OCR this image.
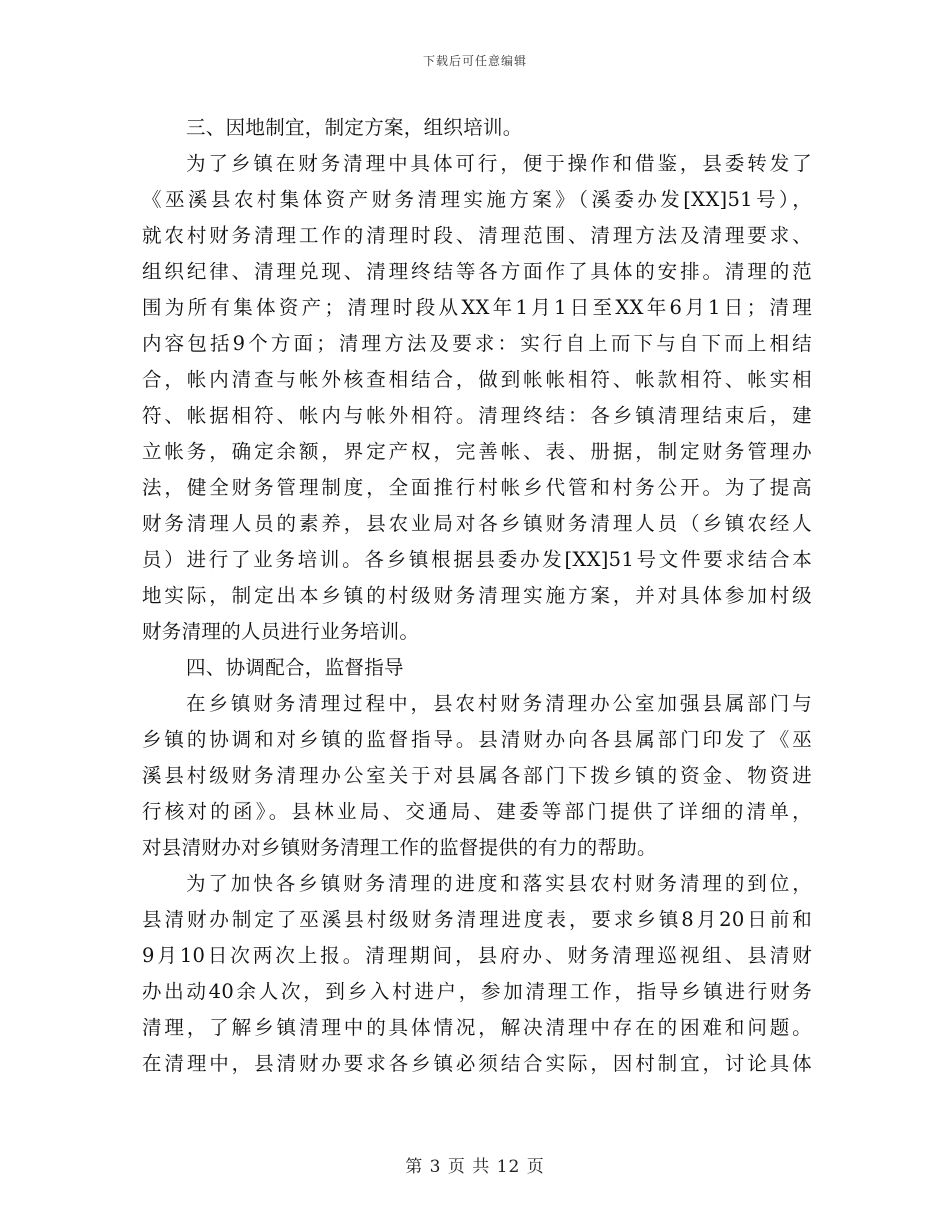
下载后可任意编辑
三、因地制宜，制定方案，组织培训。
为了乡镇在财务清理中具体可行，便于操作和借鉴，县委转发了
《巫溪县农村集体资产财务清理实施方案》（溪委办发[XX]51号），
就农村财务清理工作的清理时段、清理范围、清理方法及清理要求、
组织纪律、清理兑现、清理终结等各方面作了具体的安排。清理的范
围为所有集体资产；清理时段从XX年1月1日至XX年6月1日；清理
内容包括9个方面；清理方法及要求：实行自上而下与自下而上相结
合，帐内清查与帐外核查相结合，做到帐帐相符、帐款相符、帐实相
符、帐据相符、帐内与帐外相符。清理终结：各乡镇清理结束后，建
立帐务，确定余额，界定产权，完善帐、表、册据，制定财务管理办
法，健全财务管理制度，全面推行村帐乡代管和村务公开。为了提高
财务清理人员的素养，县农业局对各乡镇财务清理人员（乡镇农经人
员）进行了业务培训。各乡镇根据县委办发[XX]51号文件要求结合本
地实际，制定出本乡镇的村级财务清理实施方案，并对具体参加村级
财务清理的人员进行业务培训。
四、协调配合，监督指导
在乡镇财务清理过程中，县农村财务清理办公室加强县属部门与
乡镇的协调和对乡镇的监督指导。县清财办向各县属部门印发了《巫
溪县村级财务清理办公室关于对县属各部门下拨乡镇的资金、物资进
行核对的函》。县林业局、交通局、建委等部门提供了详细的清单，
对县清财办对乡镇财务清理工作的监督提供的有力的帮助。
为了加快各乡镇财务清理的进度和落实县农村财务清理的到位，
县清财办制定了巫溪县村级财务清理进度表，要求乡镇8月20日前和
9月10日次两次上报。清理期间，县府办、财务清理巡视组、县清财
办出动40余人次，到乡入村进户，参加清理工作，指导乡镇进行财务
清理，了解乡镇清理中的具体情况，解决清理中存在的困难和问题。
在清理中，县清财办要求各乡镇必须结合实际，因村制宜，讨论具体
第 3 页 共 12 页
